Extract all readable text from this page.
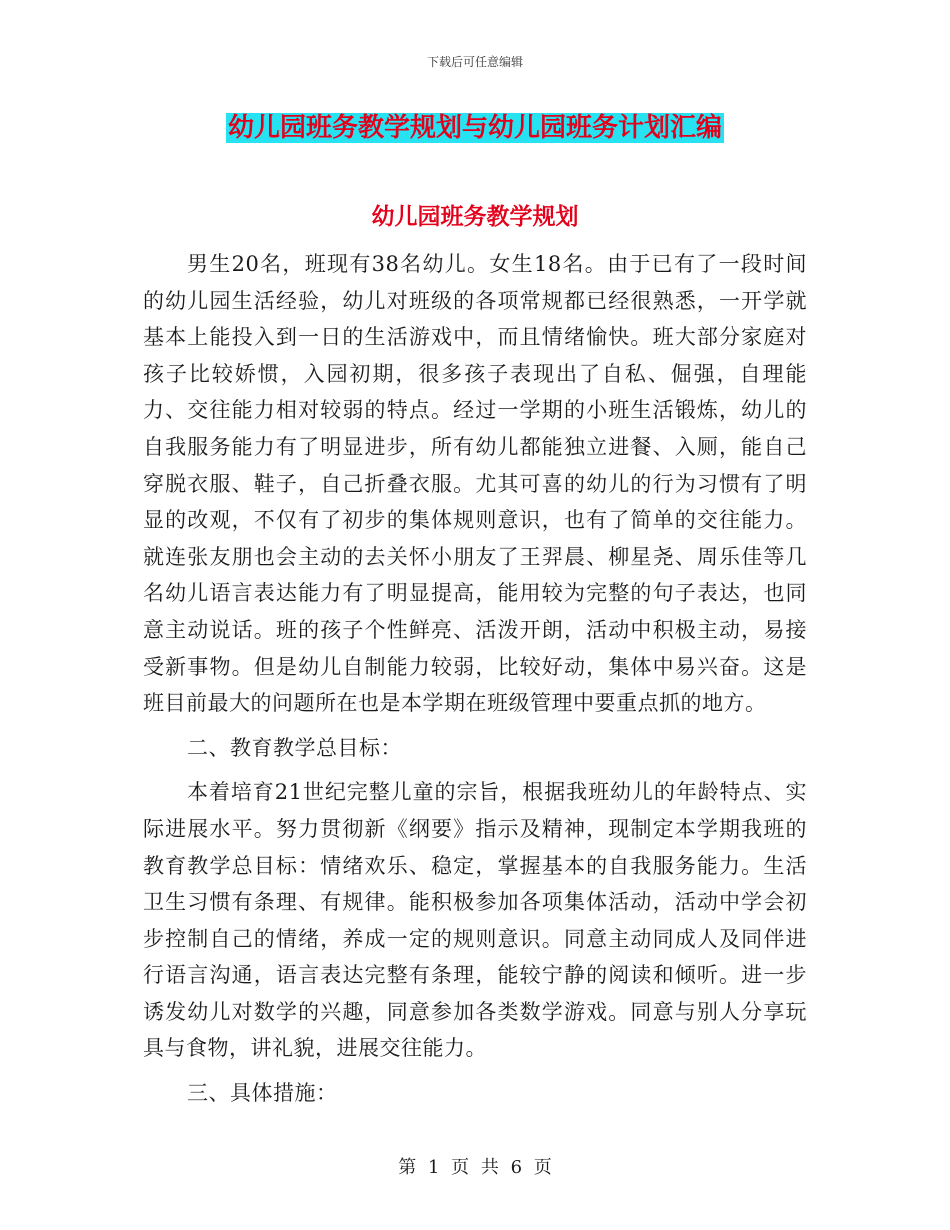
下载后可任意编辑
幼儿园班务教学规划与幼儿园班务计划汇编
幼儿园班务教学规划

男生20名，班现有38名幼儿。女生18名。由于已有了一段时间的幼儿园生活经验，幼儿对班级的各项常规都已经很熟悉，一开学就基本上能投入到一日的生活游戏中，而且情绪愉快。班大部分家庭对孩子比较娇惯，入园初期，很多孩子表现出了自私、倔强，自理能力、交往能力相对较弱的特点。经过一学期的小班生活锻炼，幼儿的自我服务能力有了明显进步，所有幼儿都能独立进餐、入厕，能自己穿脱衣服、鞋子，自己折叠衣服。尤其可喜的幼儿的行为习惯有了明显的改观，不仅有了初步的集体规则意识，也有了简单的交往能力。就连张友朋也会主动的去关怀小朋友了王羿晨、柳星尧、周乐佳等几名幼儿语言表达能力有了明显提高，能用较为完整的句子表达，也同意主动说话。班的孩子个性鲜亮、活泼开朗，活动中积极主动，易接受新事物。但是幼儿自制能力较弱，比较好动，集体中易兴奋。这是班目前最大的问题所在也是本学期在班级管理中要重点抓的地方。

二、教育教学总目标：

本着培育21世纪完整儿童的宗旨，根据我班幼儿的年龄特点、实际进展水平。努力贯彻新《纲要》指示及精神，现制定本学期我班的教育教学总目标：情绪欢乐、稳定，掌握基本的自我服务能力。生活卫生习惯有条理、有规律。能积极参加各项集体活动，活动中学会初步控制自己的情绪，养成一定的规则意识。同意主动同成人及同伴进行语言沟通，语言表达完整有条理，能较宁静的阅读和倾听。进一步诱发幼儿对数学的兴趣，同意参加各类数学游戏。同意与别人分享玩具与食物，讲礼貌，进展交往能力。

三、具体措施：

第 1 页 共 6 页
